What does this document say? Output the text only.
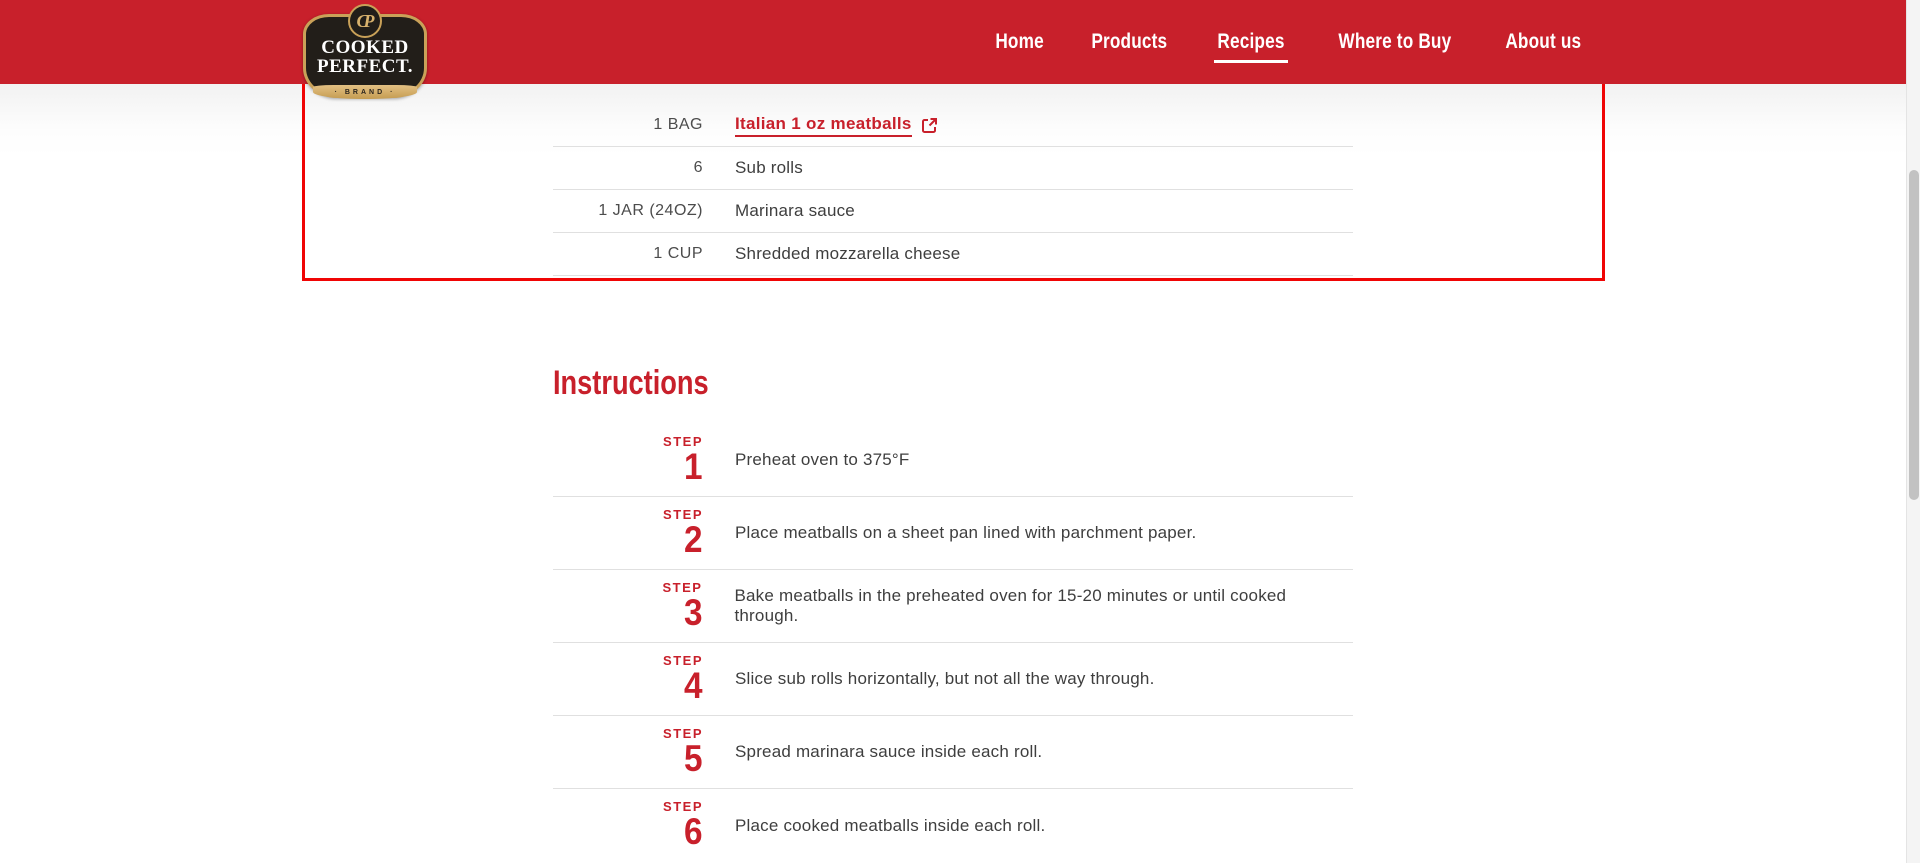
Home Products Recipes	Where to Buy	About us
CP
COOKED
PERFECT.
· BRAND ·
1 BAG Italian 1 oz meatballs
6 Sub rolls
1 JAR (24OZ) Marinara sauce
1 CUP Shredded mozzarella cheese
Instructions
STEP
1 Preheat oven to 375°F
STEP
2 Place meatballs on a sheet pan lined with parchment paper.
STEP
3 Bake meatballs in the preheated oven for 15-20 minutes or until cooked through.
STEP
4 Slice sub rolls horizontally, but not all the way through.
STEP
5 Spread marinara sauce inside each roll.
STEP
6 Place cooked meatballs inside each roll.
